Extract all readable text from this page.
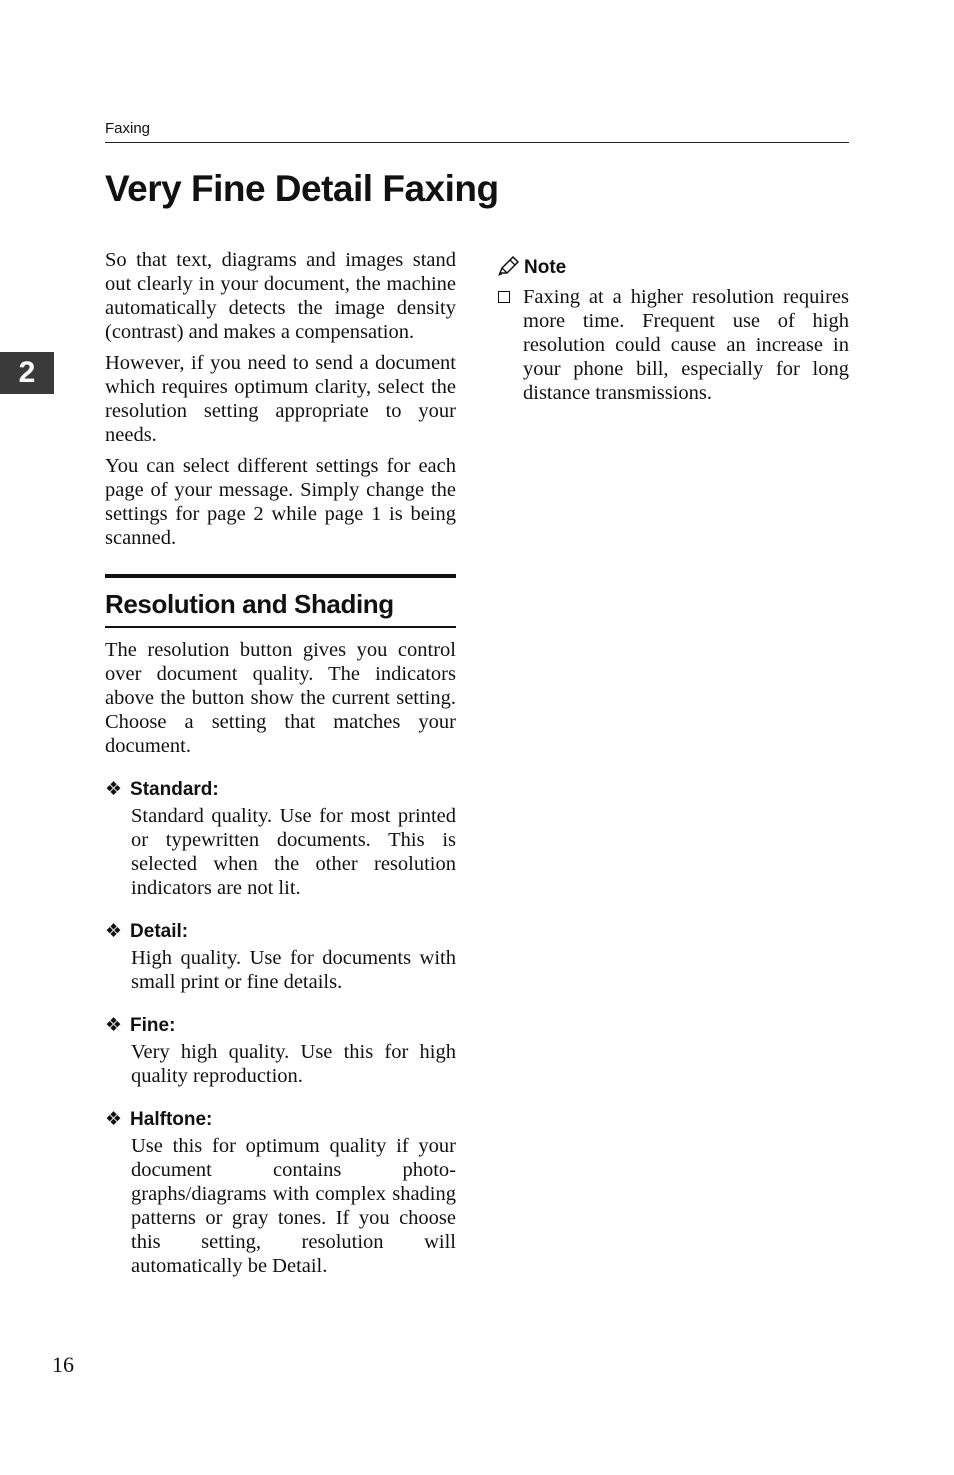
Faxing
Very Fine Detail Faxing
2

So that text, diagrams and images stand out clearly in your document, the machine automatically detects the image density (contrast) and makes a compensation.

However, if you need to send a document which requires optimum clarity, select the resolution setting appropriate to your needs.

You can select different settings for each page of your message. Simply change the settings for page 2 while page 1 is being scanned.

Resolution and Shading

The resolution button gives you control over document quality. The indicators above the button show the current setting. Choose a setting that matches your document.

❖ Standard:

Standard quality. Use for most printed or typewritten documents. This is selected when the other resolution indicators are not lit.

❖ Detail:

High quality. Use for documents with small print or fine details.

❖ Fine:

Very high quality. Use this for high quality reproduction.

❖ Halftone:

Use this for optimum quality if your document contains photographs/diagrams with complex shading patterns or gray tones. If you choose this setting, resolution will automatically be Detail.

Note

Faxing at a higher resolution requires more time. Frequent use of high resolution could cause an increase in your phone bill, especially for long distance transmissions.

16
